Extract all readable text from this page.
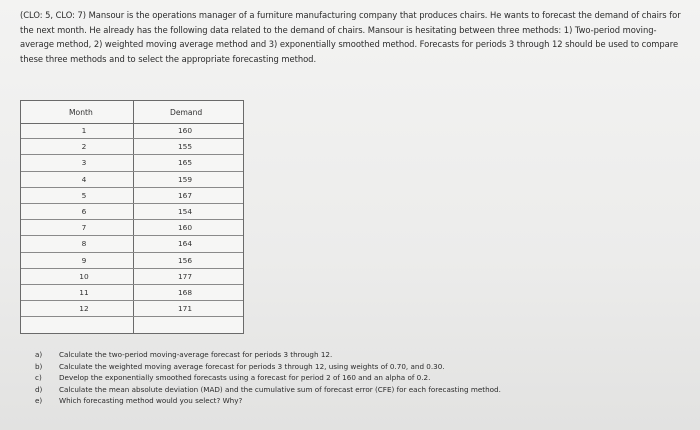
(CLO: 5, CLO: 7) Mansour is the operations manager of a furniture manufacturing company that produces chairs. He wants to forecast the demand of chairs for the next month. He already has the following data related to the demand of chairs. Mansour is hesitating between three methods: 1) Two-period moving-average method, 2) weighted moving average method and 3) exponentially smoothed method. Forecasts for periods 3 through 12 should be used to compare these three methods and to select the appropriate forecasting method.

Month	Demand
1	160
2	155
3	165
4	159
5	167
6	154
7	160
8	164
9	156
10	177
11	168
12	171
a)	Calculate the two-period moving-average forecast for periods 3 through 12.
b)	Calculate the weighted moving average forecast for periods 3 through 12, using weights of 0.70, and 0.30.
c)	Develop the exponentially smoothed forecasts using a forecast for period 2 of 160 and an alpha of 0.2.
d)	Calculate the mean absolute deviation (MAD) and the cumulative sum of forecast error (CFE) for each forecasting method.
e)	Which forecasting method would you select? Why?
